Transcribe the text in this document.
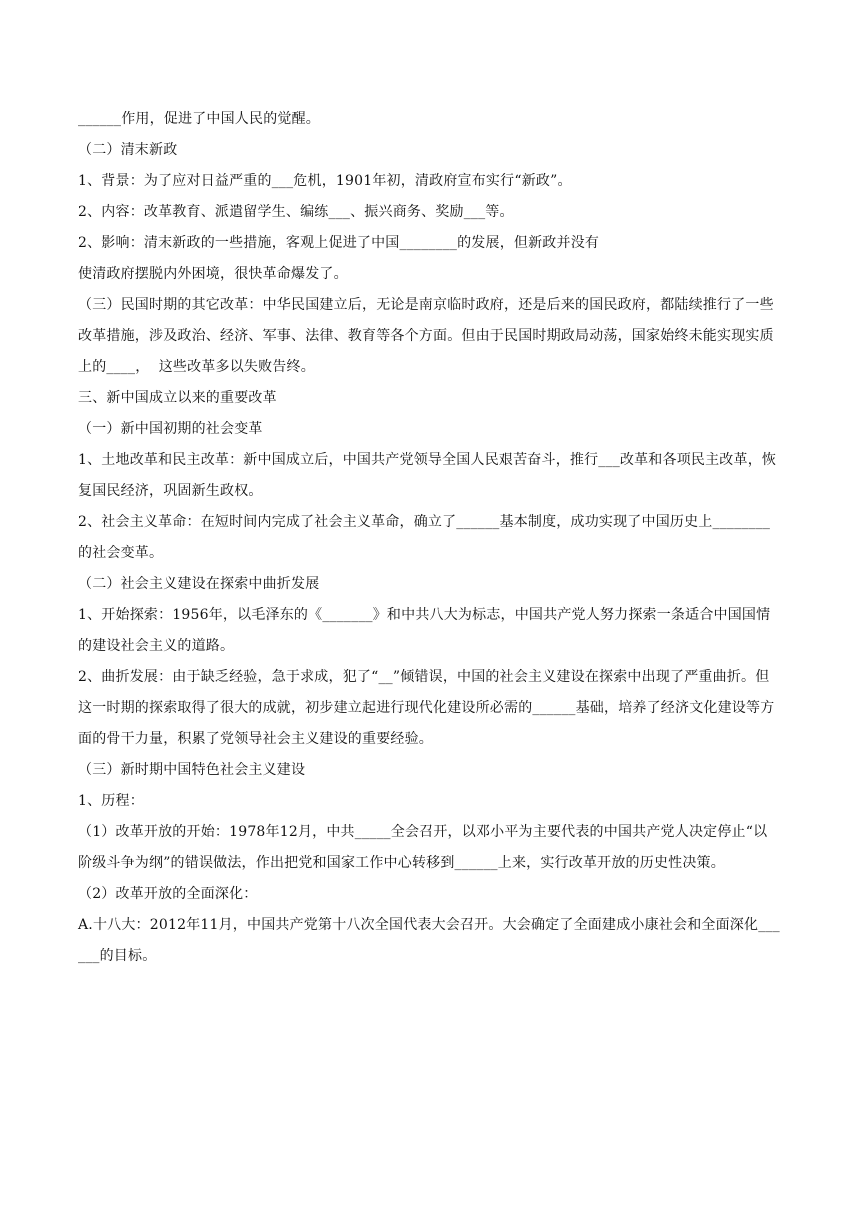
______作用，促进了中国人民的觉醒。

（二）清末新政

1、背景：为了应对日益严重的___危机，1901年初，清政府宣布实行“新政”。

2、内容：改革教育、派遣留学生、编练___、振兴商务、奖励___等。

2、影响：清末新政的一些措施，客观上促进了中国________的发展，但新政并没有

使清政府摆脱内外困境，很快革命爆发了。

（三）民国时期的其它改革：中华民国建立后，无论是南京临时政府，还是后来的国民政府，都陆续推行了一些改革措施，涉及政治、经济、军事、法律、教育等各个方面。但由于民国时期政局动荡，国家始终未能实现实质上的____，  这些改革多以失败告终。

三、新中国成立以来的重要改革

（一）新中国初期的社会变革

1、土地改革和民主改革：新中国成立后，中国共产党领导全国人民艰苦奋斗，推行___改革和各项民主改革，恢复国民经济，巩固新生政权。

2、社会主义革命：在短时间内完成了社会主义革命，确立了______基本制度，成功实现了中国历史上________的社会变革。

（二）社会主义建设在探索中曲折发展

1、开始探索：1956年，以毛泽东的《_______》和中共八大为标志，中国共产党人努力探索一条适合中国国情的建设社会主义的道路。

2、曲折发展：由于缺乏经验，急于求成，犯了“__”倾错误，中国的社会主义建设在探索中出现了严重曲折。但这一时期的探索取得了很大的成就，初步建立起进行现代化建设所必需的______基础，培养了经济文化建设等方面的骨干力量，积累了党领导社会主义建设的重要经验。

（三）新时期中国特色社会主义建设

1、历程：

（1）改革开放的开始：1978年12月，中共_____全会召开，以邓小平为主要代表的中国共产党人决定停止“以阶级斗争为纲”的错误做法，作出把党和国家工作中心转移到______上来，实行改革开放的历史性决策。

（2）改革开放的全面深化：

A.十八大：2012年11月，中国共产党第十八次全国代表大会召开。大会确定了全面建成小康社会和全面深化______的目标。
